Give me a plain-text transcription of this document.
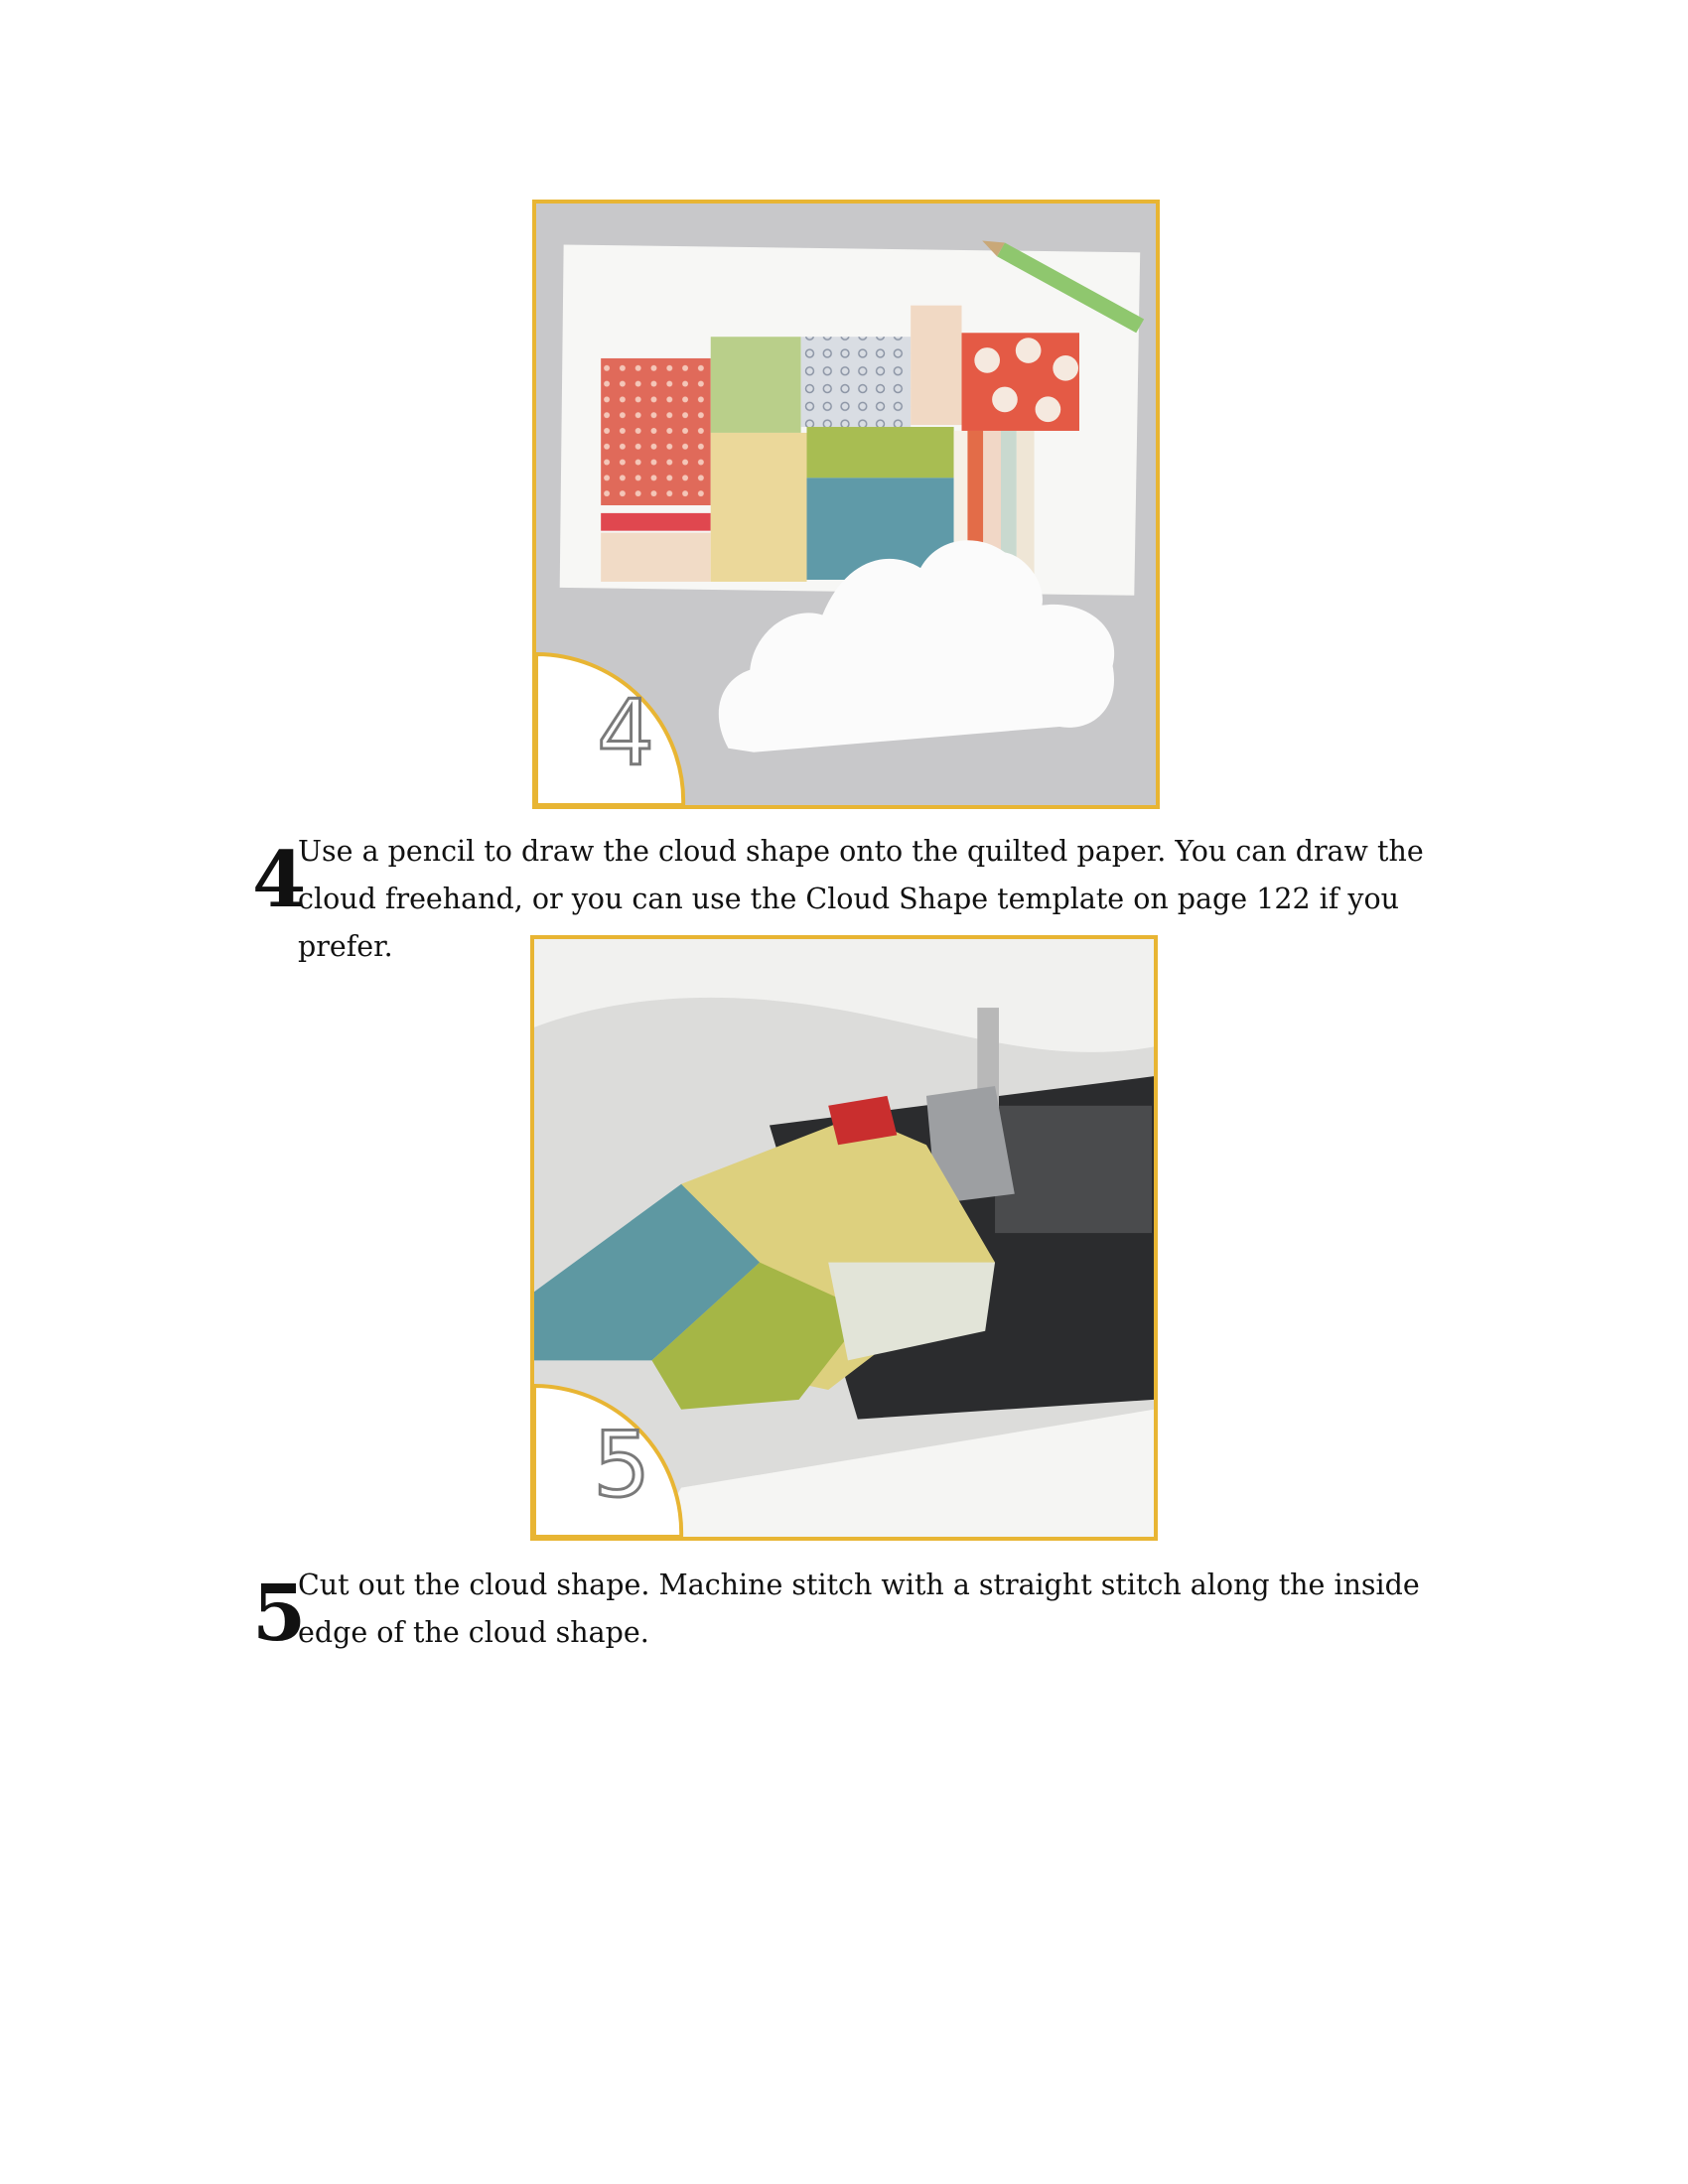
4
4
Use a pencil to draw the cloud shape onto the quilted paper. You can draw the cloud freehand, or you can use the Cloud Shape template on page 122 if you prefer.
5
5
Cut out the cloud shape. Machine stitch with a straight stitch along the inside edge of the cloud shape.
